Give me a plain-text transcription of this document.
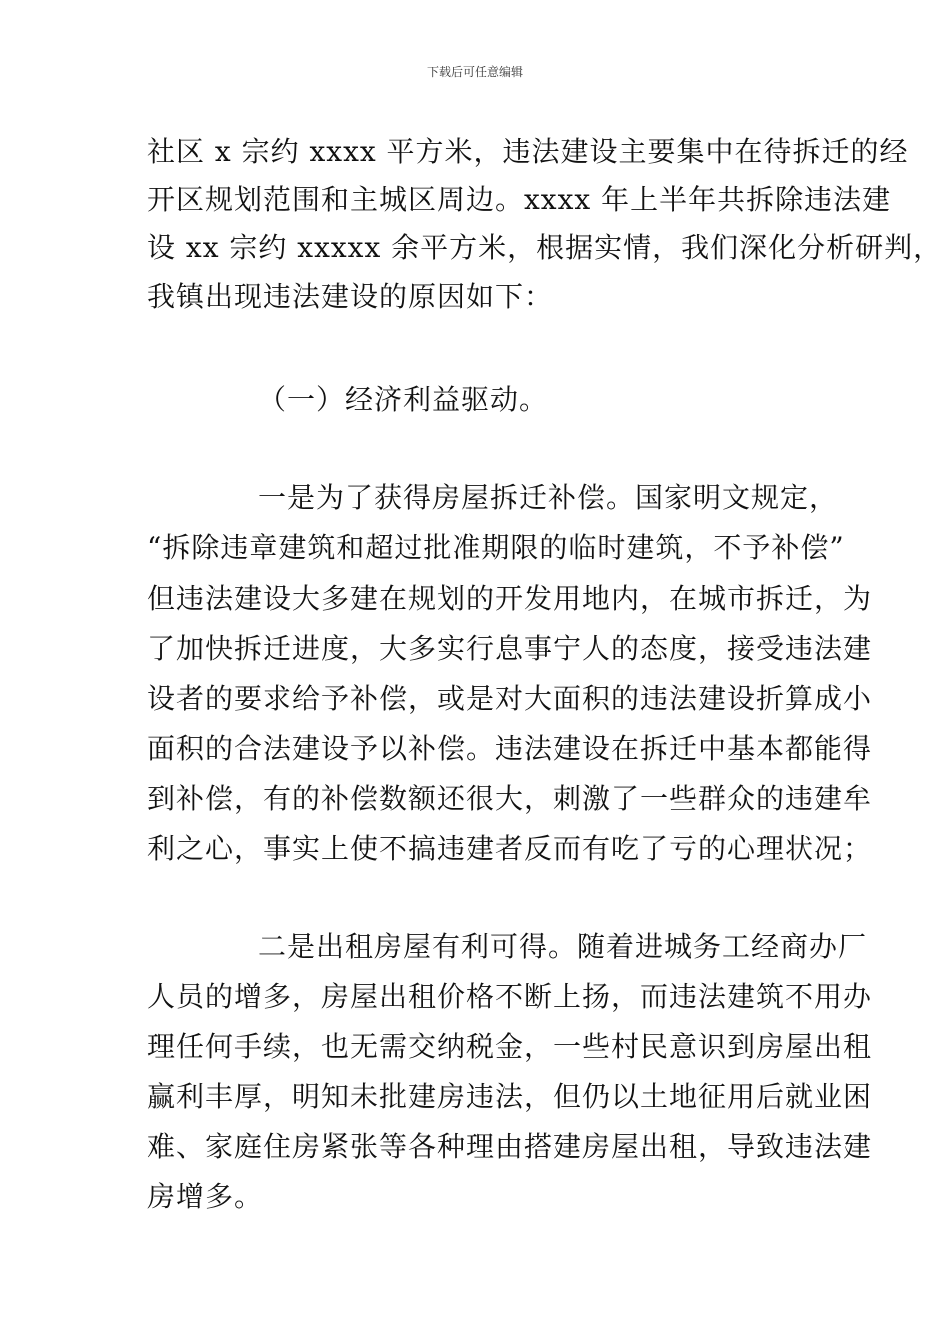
下载后可任意编辑
社区 x 宗约 xxxx 平方米，违法建设主要集中在待拆迁的经
开区规划范围和主城区周边。xxxx 年上半年共拆除违法建
设 xx 宗约 xxxxx 余平方米，根据实情，我们深化分析研判，
我镇出现违法建设的原因如下：
（一）经济利益驱动。
一是为了获得房屋拆迁补偿。国家明文规定，
“拆除违章建筑和超过批准期限的临时建筑，不予补偿”
但违法建设大多建在规划的开发用地内，在城市拆迁，为
了加快拆迁进度，大多实行息事宁人的态度，接受违法建
设者的要求给予补偿，或是对大面积的违法建设折算成小
面积的合法建设予以补偿。违法建设在拆迁中基本都能得
到补偿，有的补偿数额还很大，刺激了一些群众的违建牟
利之心，事实上使不搞违建者反而有吃了亏的心理状况；
二是出租房屋有利可得。随着进城务工经商办厂
人员的增多，房屋出租价格不断上扬，而违法建筑不用办
理任何手续，也无需交纳税金，一些村民意识到房屋出租
赢利丰厚，明知未批建房违法，但仍以土地征用后就业困
难、家庭住房紧张等各种理由搭建房屋出租，导致违法建
房增多。
